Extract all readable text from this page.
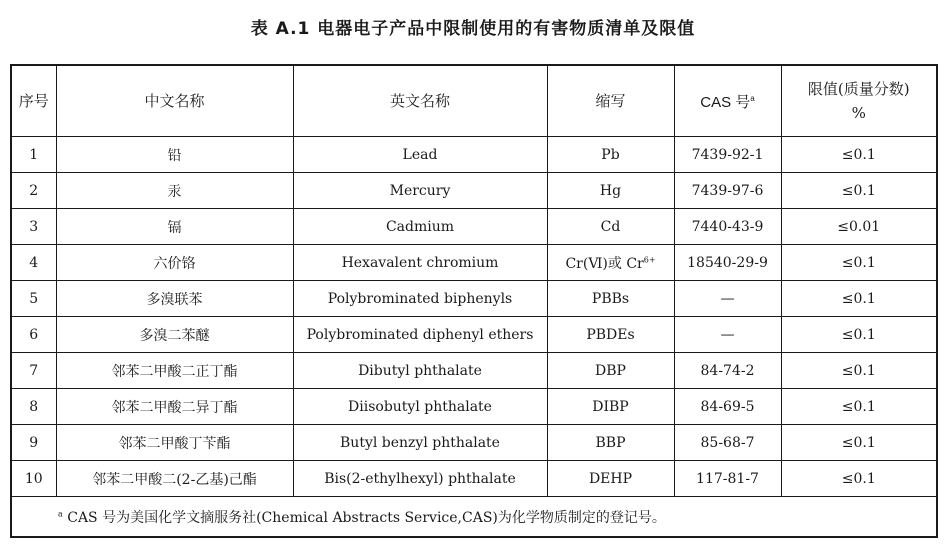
表 A.1 电器电子产品中限制使用的有害物质清单及限值
序号	中文名称	英文名称	缩写	CAS 号$^a$	限值(质量分数)
%

1	铅	Lead	Pb	7439-92-1	≤0.1
2	汞	Mercury	Hg	7439-97-6	≤0.1
3	镉	Cadmium	Cd	7440-43-9	≤0.01
4	六价铬	Hexavalent chromium	Cr(Ⅵ)或 $Cr^{6+}$	18540-29-9	≤0.1
5	多溴联苯	Polybrominated biphenyls	PBBs	—	≤0.1
6	多溴二苯醚	Polybrominated diphenyl ethers	PBDEs	—	≤0.1
7	邻苯二甲酸二正丁酯	Dibutyl phthalate	DBP	84-74-2	≤0.1
8	邻苯二甲酸二异丁酯	Diisobutyl phthalate	DIBP	84-69-5	≤0.1
9	邻苯二甲酸丁苄酯	Butyl benzyl phthalate	BBP	85-68-7	≤0.1
10	邻苯二甲酸二(2-乙基)己酯	Bis(2-ethylhexyl) phthalate	DEHP	117-81-7	≤0.1
$^a$ CAS 号为美国化学文摘服务社(Chemical Abstracts Service,CAS)为化学物质制定的登记号。					
